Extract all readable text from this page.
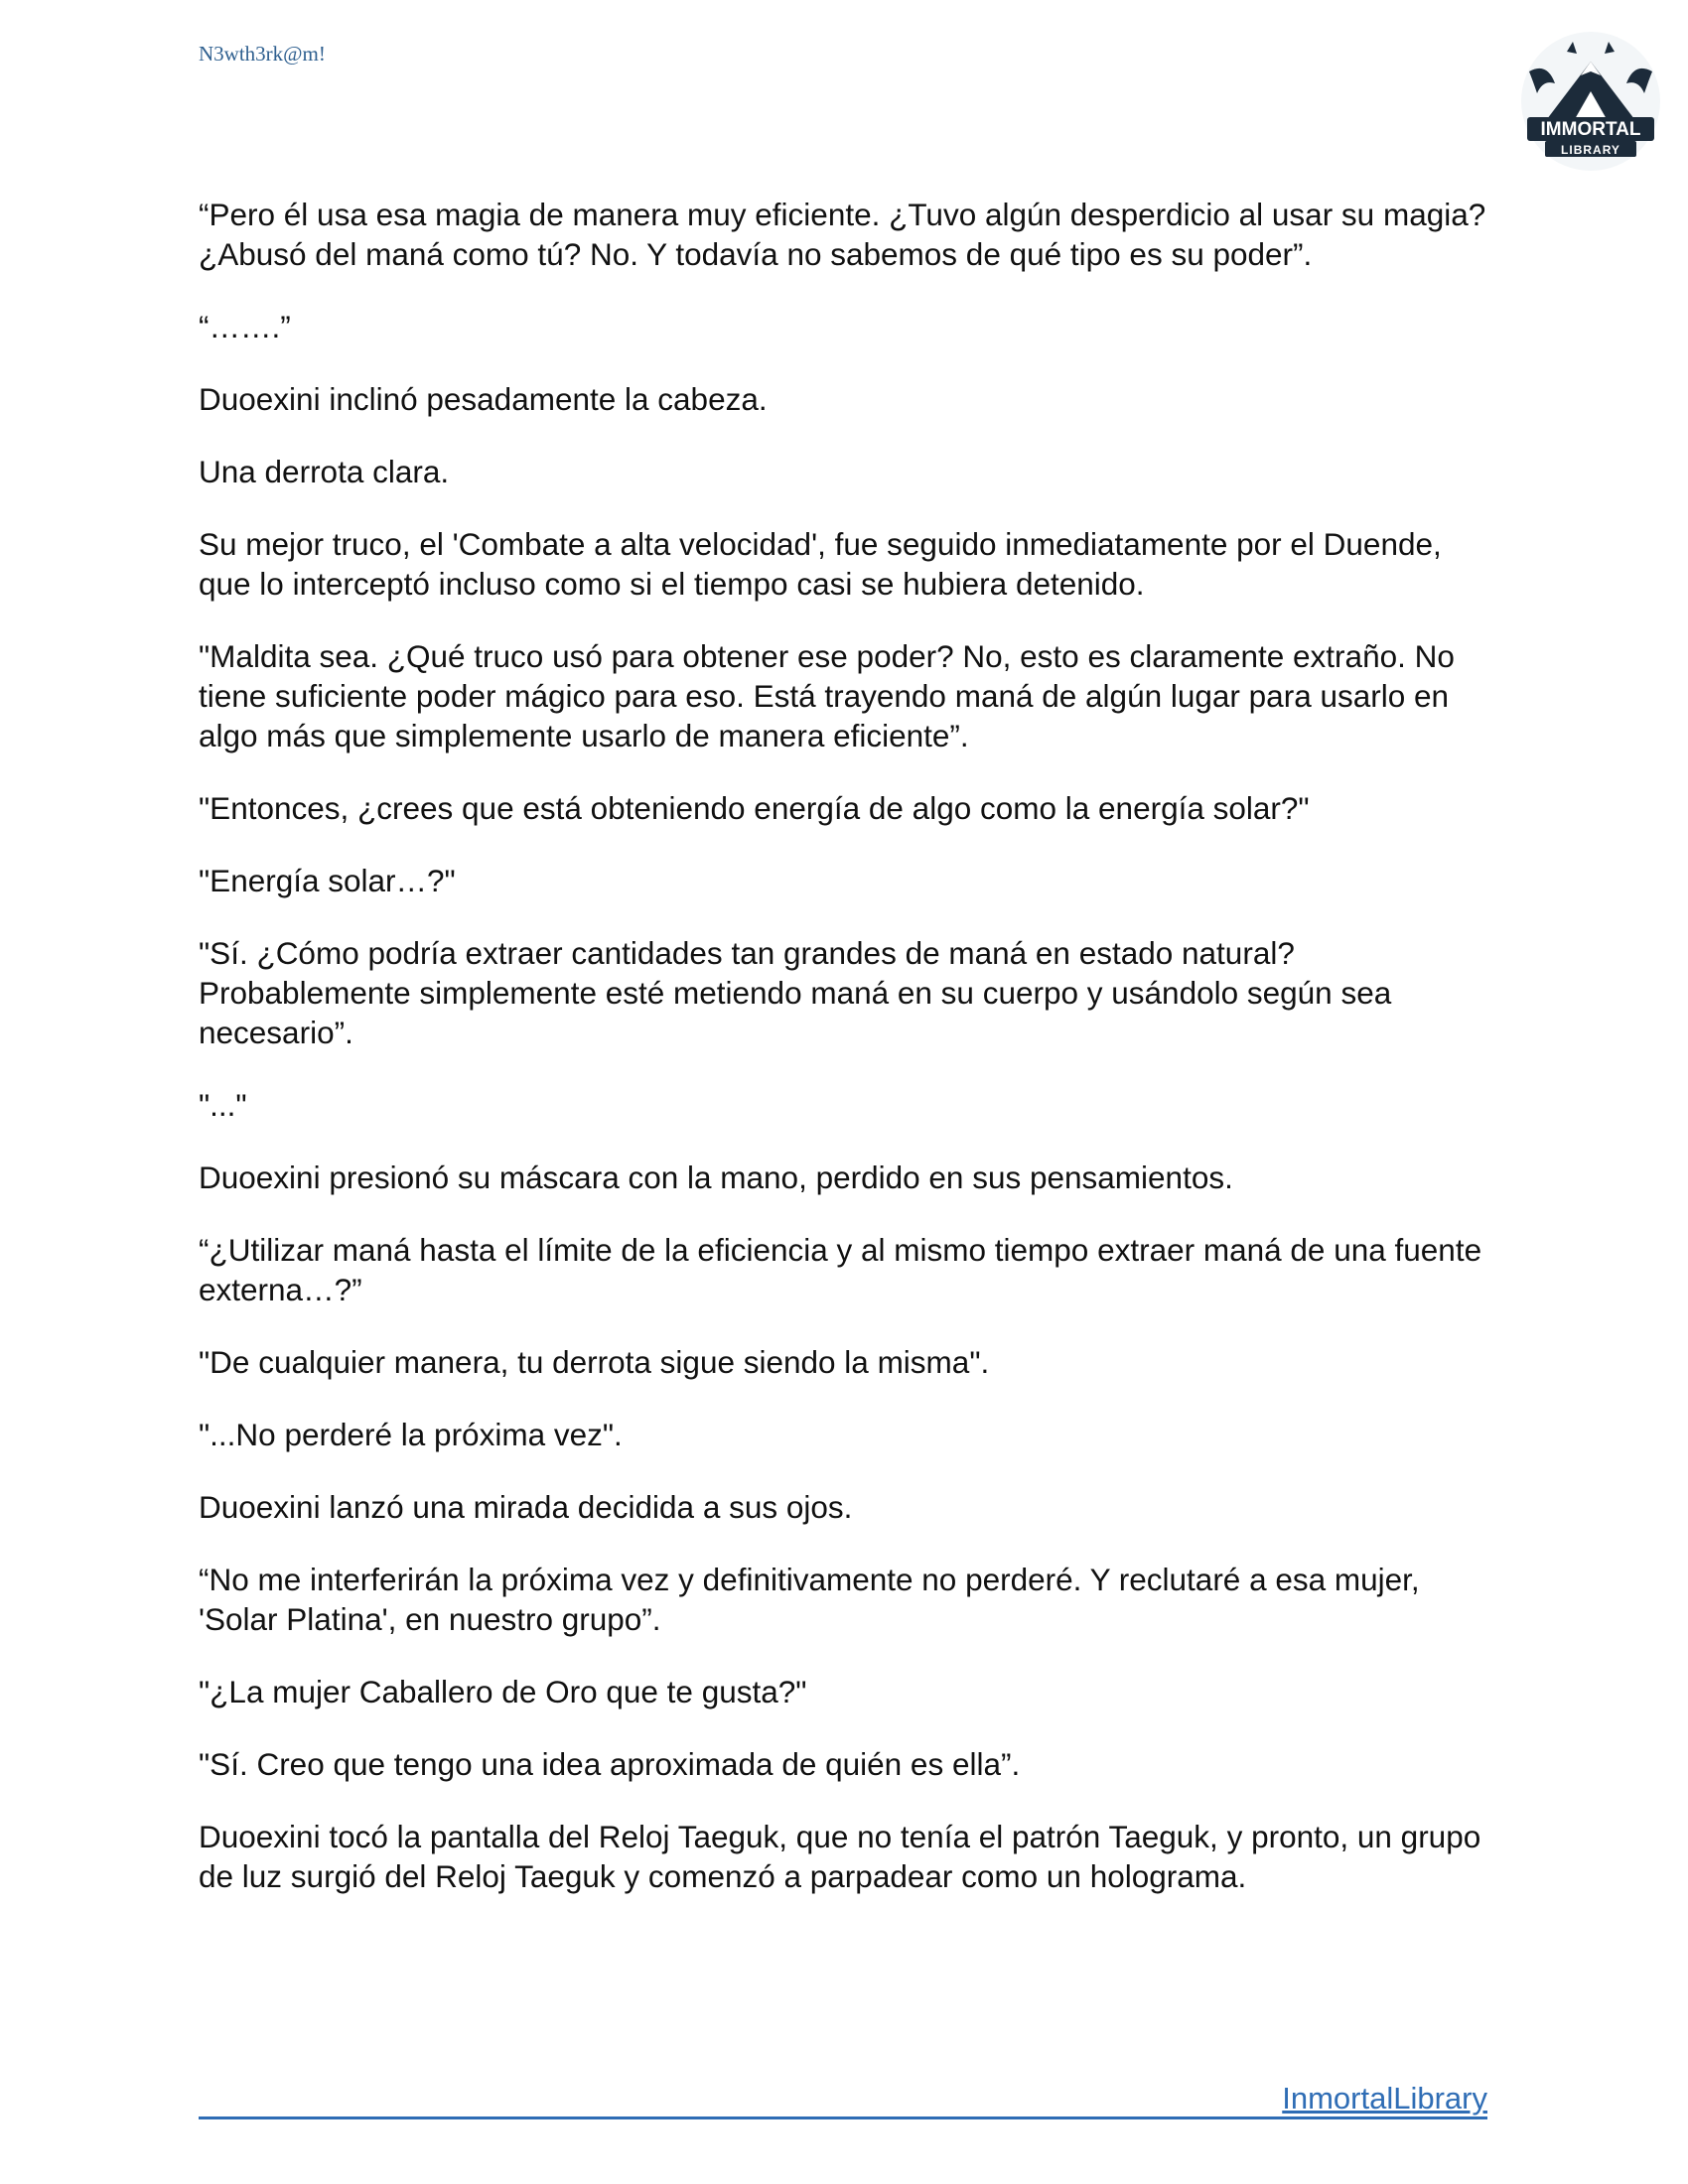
N3wth3rk@m!
IMMORTAL
LIBRARY

“Pero él usa esa magia de manera muy eficiente. ¿Tuvo algún desperdicio al usar su magia? ¿Abusó del maná como tú? No. Y todavía no sabemos de qué tipo es su poder”.

“…….”

Duoexini inclinó pesadamente la cabeza.

Una derrota clara.

Su mejor truco, el 'Combate a alta velocidad', fue seguido inmediatamente por el Duende, que lo interceptó incluso como si el tiempo casi se hubiera detenido.

"Maldita sea. ¿Qué truco usó para obtener ese poder? No, esto es claramente extraño. No tiene suficiente poder mágico para eso. Está trayendo maná de algún lugar para usarlo en algo más que simplemente usarlo de manera eficiente”.

"Entonces, ¿crees que está obteniendo energía de algo como la energía solar?"

"Energía solar…?"

"Sí. ¿Cómo podría extraer cantidades tan grandes de maná en estado natural? Probablemente simplemente esté metiendo maná en su cuerpo y usándolo según sea necesario”.

"..."

Duoexini presionó su máscara con la mano, perdido en sus pensamientos.

“¿Utilizar maná hasta el límite de la eficiencia y al mismo tiempo extraer maná de una fuente externa…?”

"De cualquier manera, tu derrota sigue siendo la misma".

"...No perderé la próxima vez".

Duoexini lanzó una mirada decidida a sus ojos.

“No me interferirán la próxima vez y definitivamente no perderé. Y reclutaré a esa mujer, 'Solar Platina', en nuestro grupo”.

"¿La mujer Caballero de Oro que te gusta?"

"Sí. Creo que tengo una idea aproximada de quién es ella”.

Duoexini tocó la pantalla del Reloj Taeguk, que no tenía el patrón Taeguk, y pronto, un grupo de luz surgió del Reloj Taeguk y comenzó a parpadear como un holograma.

InmortalLibrary
